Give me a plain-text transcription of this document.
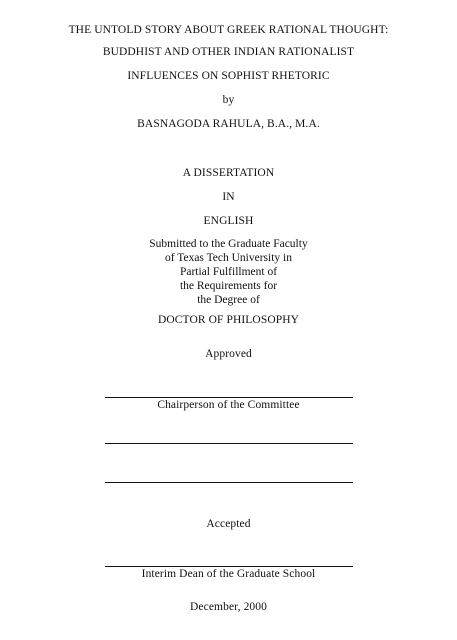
THE UNTOLD STORY ABOUT GREEK RATIONAL THOUGHT:
BUDDHIST AND OTHER INDIAN RATIONALIST
INFLUENCES ON SOPHIST RHETORIC
by
BASNAGODA RAHULA, B.A., M.A.
A DISSERTATION
IN
ENGLISH
Submitted to the Graduate Faculty
of Texas Tech University in
Partial Fulfillment of
the Requirements for
the Degree of
DOCTOR OF PHILOSOPHY
Approved
Chairperson of the Committee
Accepted
Interim Dean of the Graduate School
December, 2000
